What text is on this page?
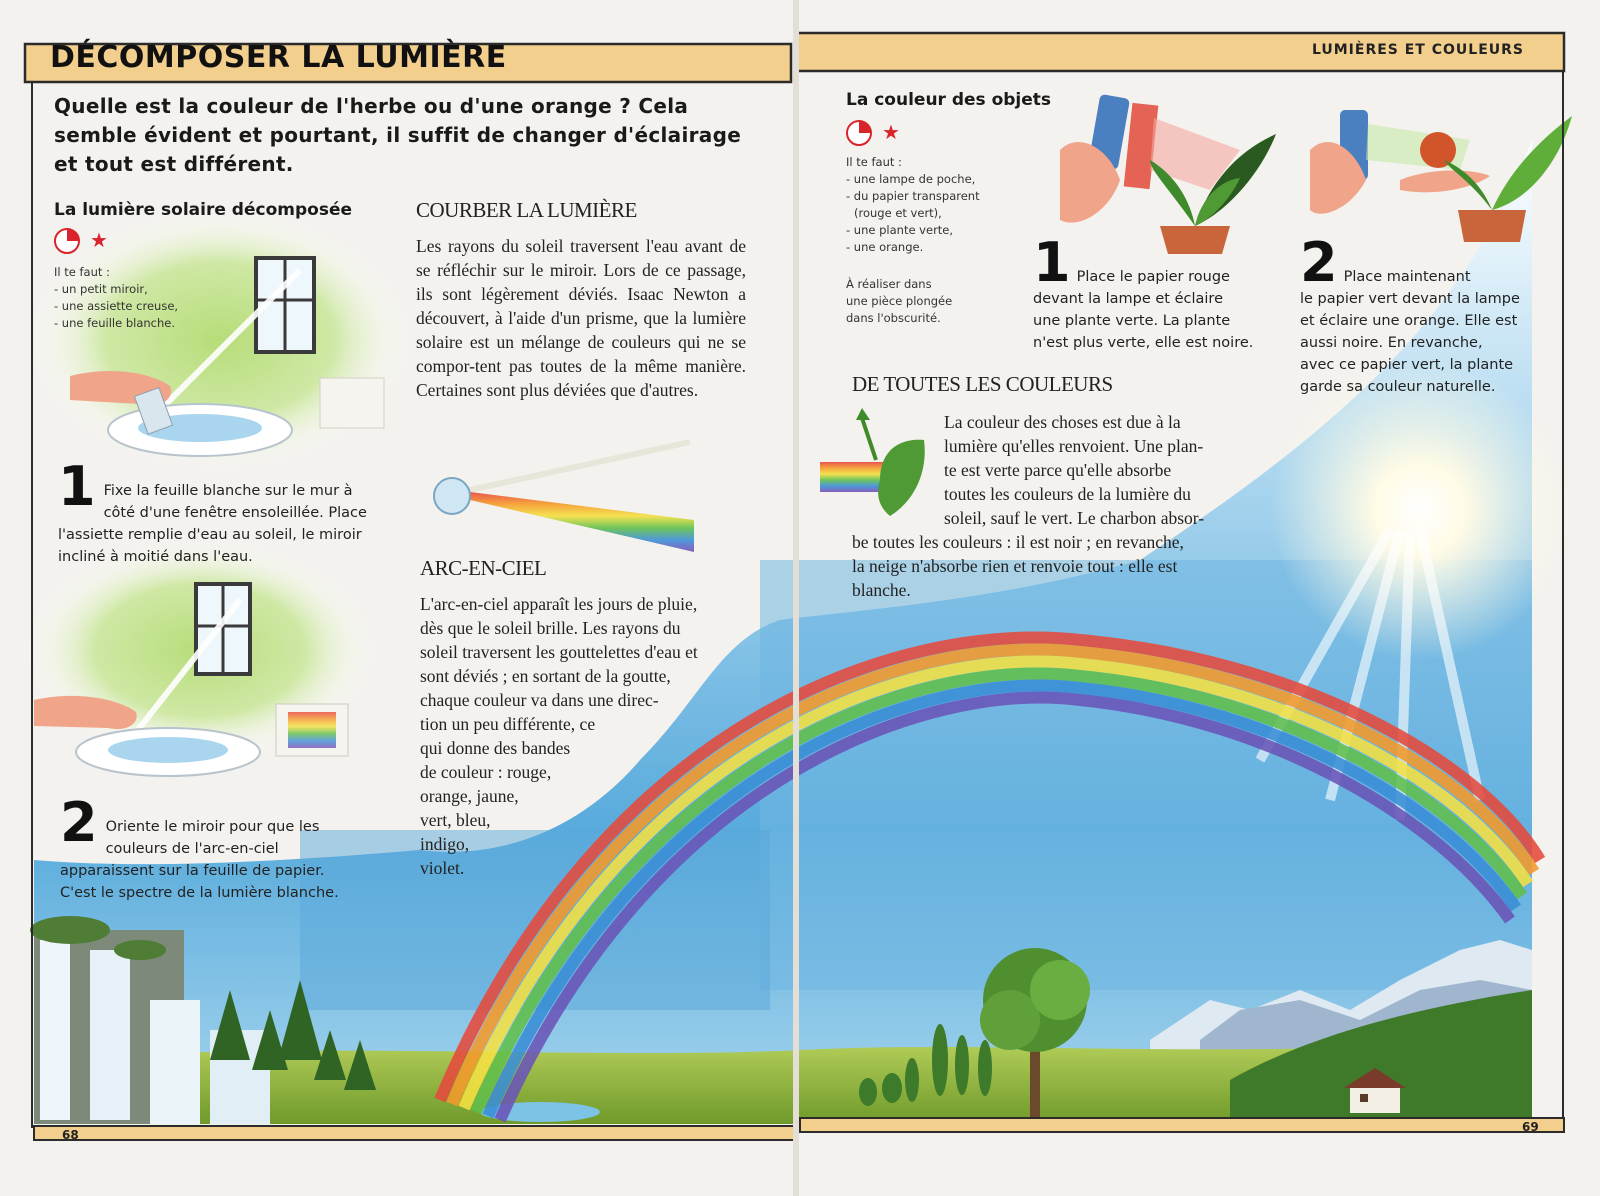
DÉCOMPOSER LA LUMIÈRE

Quelle est la couleur de l'herbe ou d'une orange ? Cela semble évident et pourtant, il suffit de changer d'éclairage et tout est différent.

La lumière solaire décomposée
★
Il te faut :
- un petit miroir,
- une assiette creuse,
- une feuille blanche.
1 Fixe la feuille blanche sur le mur à côté d'une fenêtre ensoleillée. Place l'assiette remplie d'eau au soleil, le miroir incliné à moitié dans l'eau.
2 Oriente le miroir pour que les couleurs de l'arc-en-ciel apparaissent sur la feuille de papier. C'est le spectre de la lumière blanche.
COURBER LA LUMIÈRE

Les rayons du soleil traversent l'eau avant de se réfléchir sur le miroir. Lors de ce passage, ils sont légèrement déviés. Isaac Newton a découvert, à l'aide d'un prisme, que la lumière solaire est un mélange de couleurs qui ne se compor-tent pas toutes de la même manière. Certaines sont plus déviées que d'autres.

ARC-EN-CIEL
L'arc-en-ciel apparaît les jours de pluie,
dès que le soleil brille. Les rayons du
soleil traversent les gouttelettes d'eau et
sont déviés ; en sortant de la goutte,
chaque couleur va dans une direc-
tion un peu différente, ce
qui donne des bandes
de couleur : rouge,
orange, jaune,
vert, bleu,
indigo,
violet.
68
LUMIÈRES ET COULEURS
La couleur des objets
★
Il te faut :
- une lampe de poche,
- du papier transparent
(rouge et vert),
- une plante verte,
- une orange.
À réaliser dans
une pièce plongée
dans l'obscurité.
1 Place le papier rouge
devant la lampe et éclaire
une plante verte. La plante
n'est plus verte, elle est noire.
2 Place maintenant
le papier vert devant la lampe
et éclaire une orange. Elle est
aussi noire. En revanche,
avec ce papier vert, la plante
garde sa couleur naturelle.
DE TOUTES LES COULEURS
La couleur des choses est due à la
lumière qu'elles renvoient. Une plan-
te est verte parce qu'elle absorbe
toutes les couleurs de la lumière du
soleil, sauf le vert. Le charbon absor-
be toutes les couleurs : il est noir ; en revanche,
la neige n'absorbe rien et renvoie tout : elle est
blanche.
69
